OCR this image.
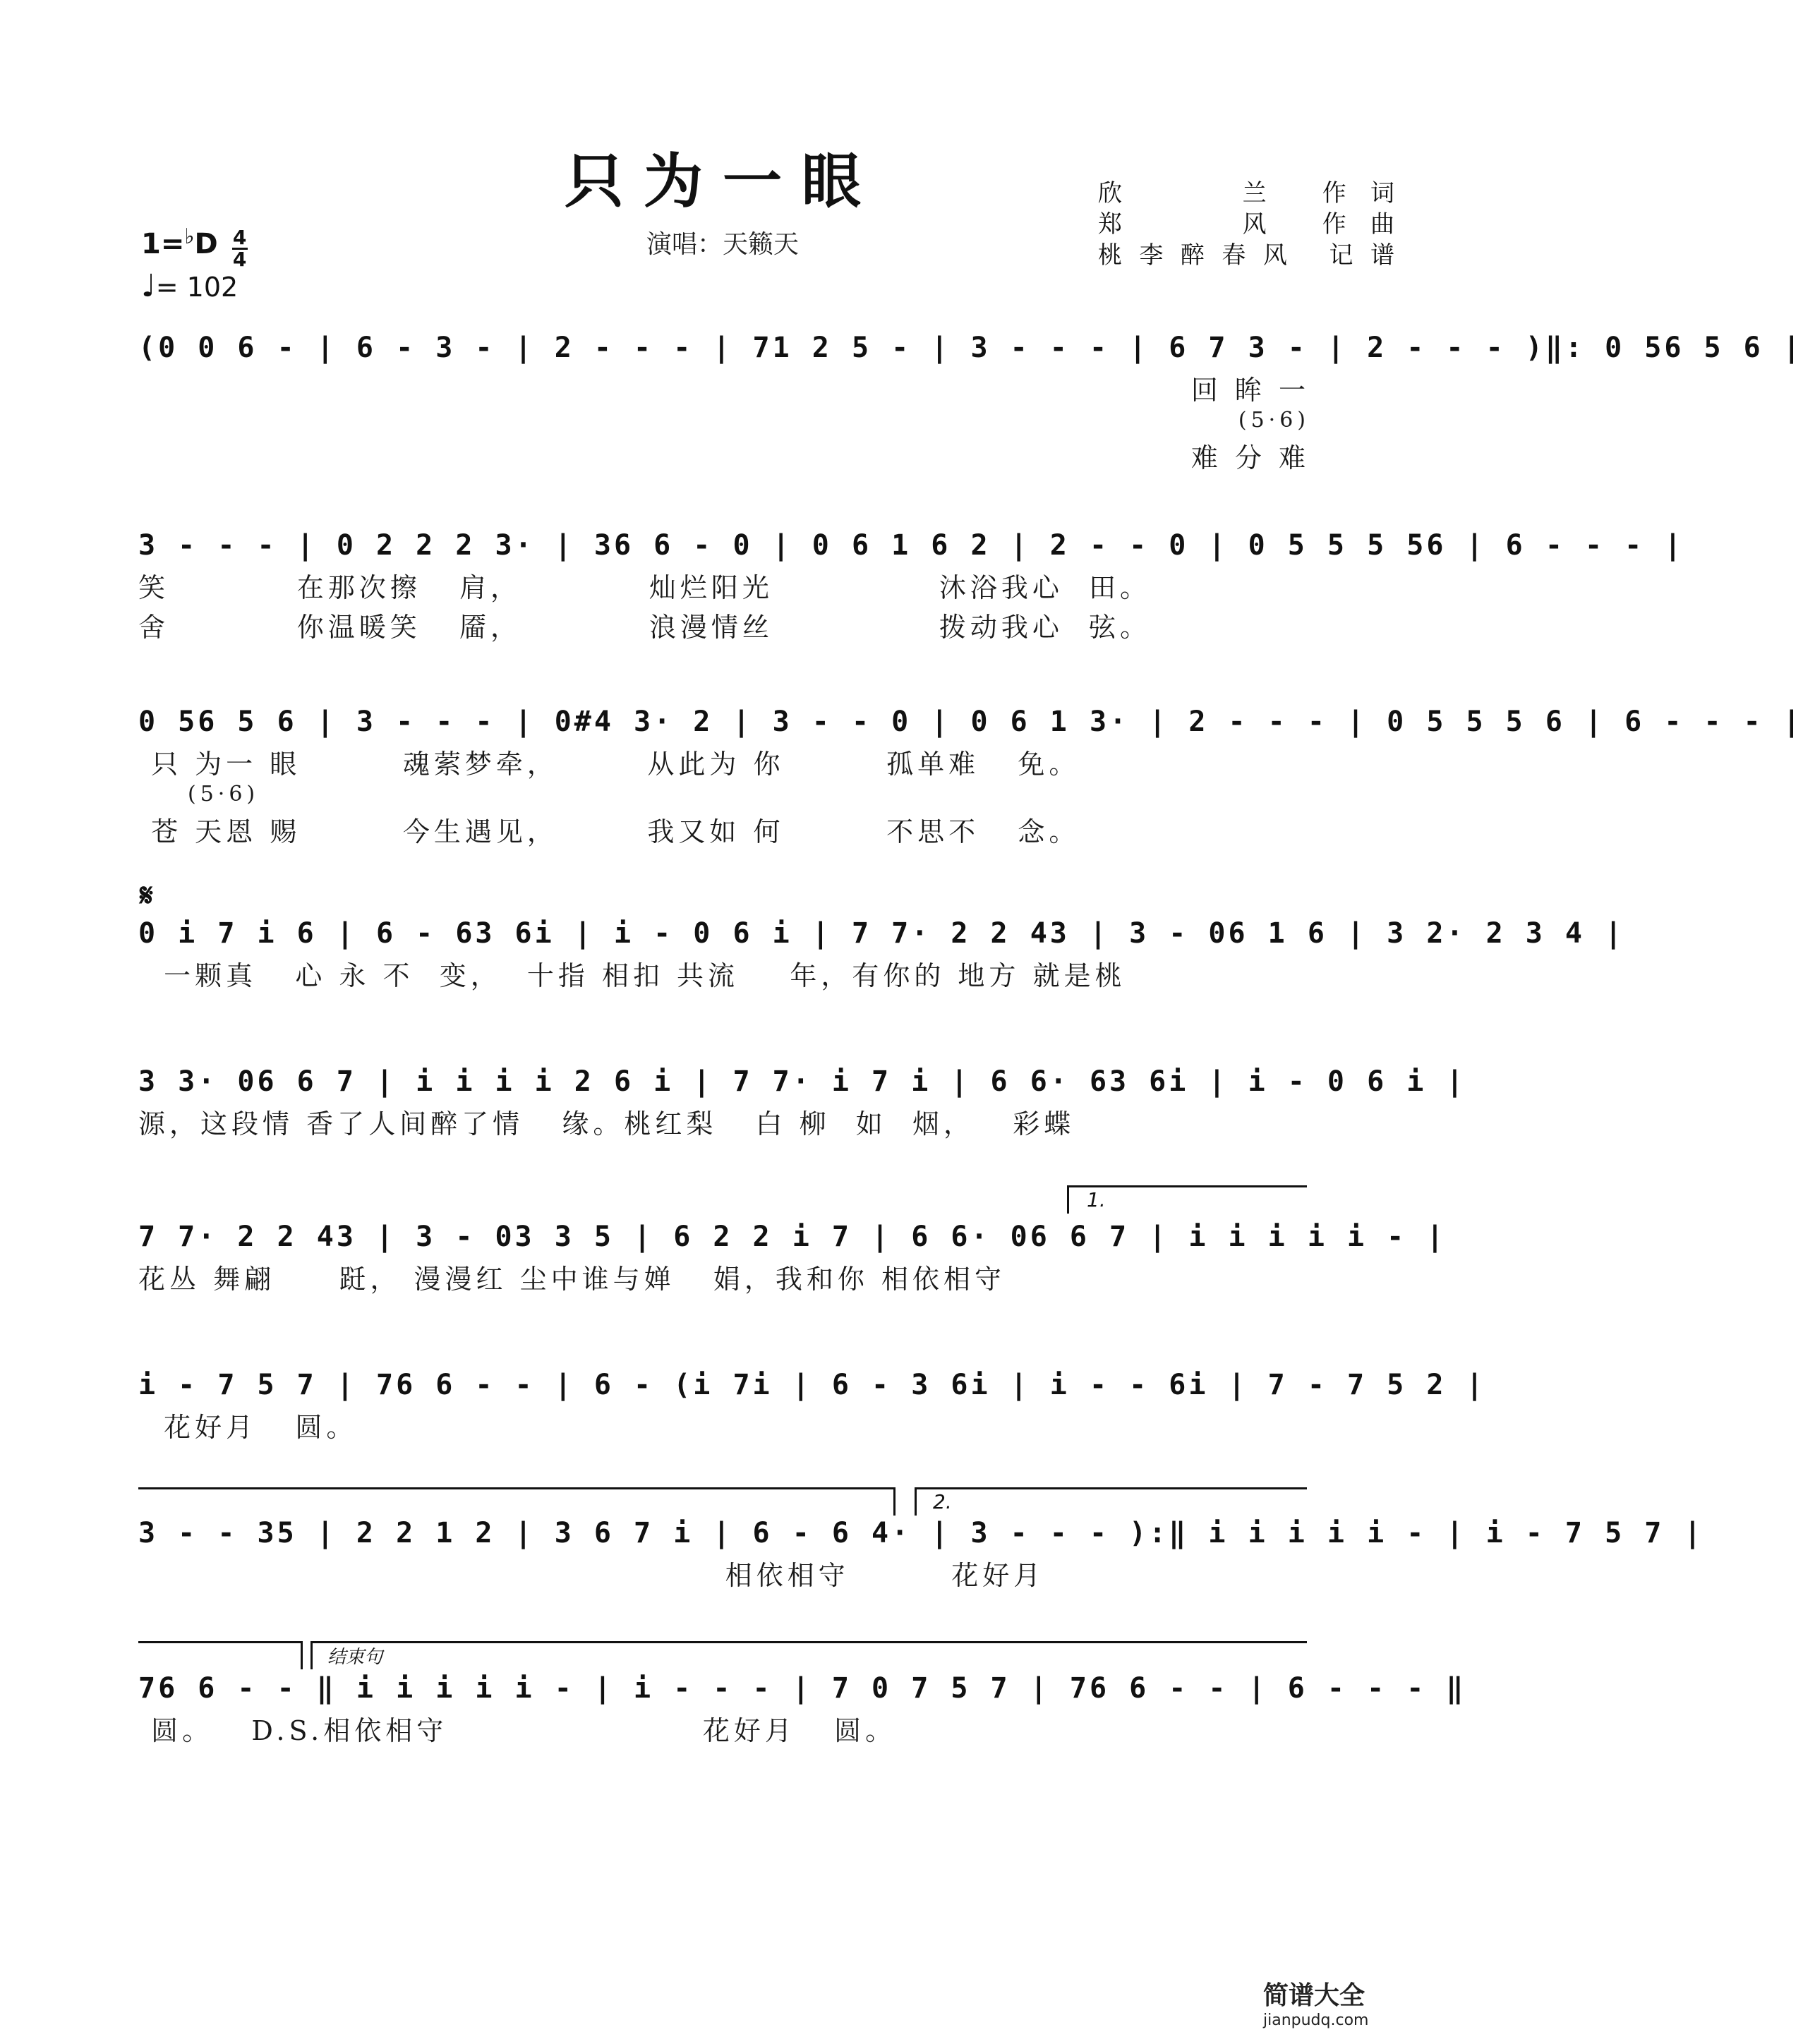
只为一眼
演唱：天籁天
欣　　兰 作词
郑　　风 作曲
桃李醉春风 记谱
$1=^♭D \frac{4}{4}$
♩= 102
(0 0 6 - | 6 - 3 - | 2 - - - | 71 2 5 - | 3 - - - | 6 7 3 - | 2 - - - )‖: 0 56 5 6 |
回 眸 一
(5·6)
难 分 难
3 - - - | 0 2 2 2 3· | 36 6 - 0 | 0 6 1 6 2 | 2 - - 0 | 0 5 5 5 56 | 6 - - - |
笑          在那次擦   肩，          灿烂阳光             沐浴我心  田。
舍          你温暖笑   靥，          浪漫情丝             拨动我心  弦。
0 56 5 6 | 3 - - - | 0#4 3· 2 | 3 - - 0 | 0 6 1 3· | 2 - - - | 0 5 5 5 6 | 6 - - - |
只 为一 眼        魂萦梦牵，       从此为 你        孤单难   免。
(5·6)
苍 天恩 赐        今生遇见，       我又如 何        不思不   念。
𝄋
0 i 7 i 6 | 6 - 63 6i | i - 0 6 i | 7 7· 2 2 43 | 3 - 06 1 6 | 3 2· 2 3 4 |
一颗真   心 永 不  变，  十指 相扣 共流    年，有你的 地方 就是桃
3 3· 06 6 7 | i i i i 2 6 i | 7 7· i 7 i | 6 6· 63 6i | i - 0 6 i |
源，这段情 香了人间醉了情   缘。桃红梨   白 柳  如  烟，   彩蝶
1.
7 7· 2 2 43 | 3 - 03 3 5 | 6 2 2 i 7 | 6 6· 06 6 7 | i i i i i - |
花丛 舞翩     跹， 漫漫红 尘中谁与婵   娟，我和你 相依相守
i - 7 5 7 | 76 6 - - | 6 - (i 7i | 6 - 3 6i | i - - 6i | 7 - 7 5 2 |
花好月   圆。
2.
3 - - 35 | 2 2 1 2 | 3 6 7 i | 6 - 6 4· | 3 - - - ):‖ i i i i i - | i - 7 5 7 |
相依相守        花好月
结束句
76 6 - - ‖ i i i i i - | i - - - | 7 0 7 5 7 | 76 6 - - | 6 - - - ‖
圆。   D.S.相依相守                    花好月   圆。
简谱大全
jianpudq.com
